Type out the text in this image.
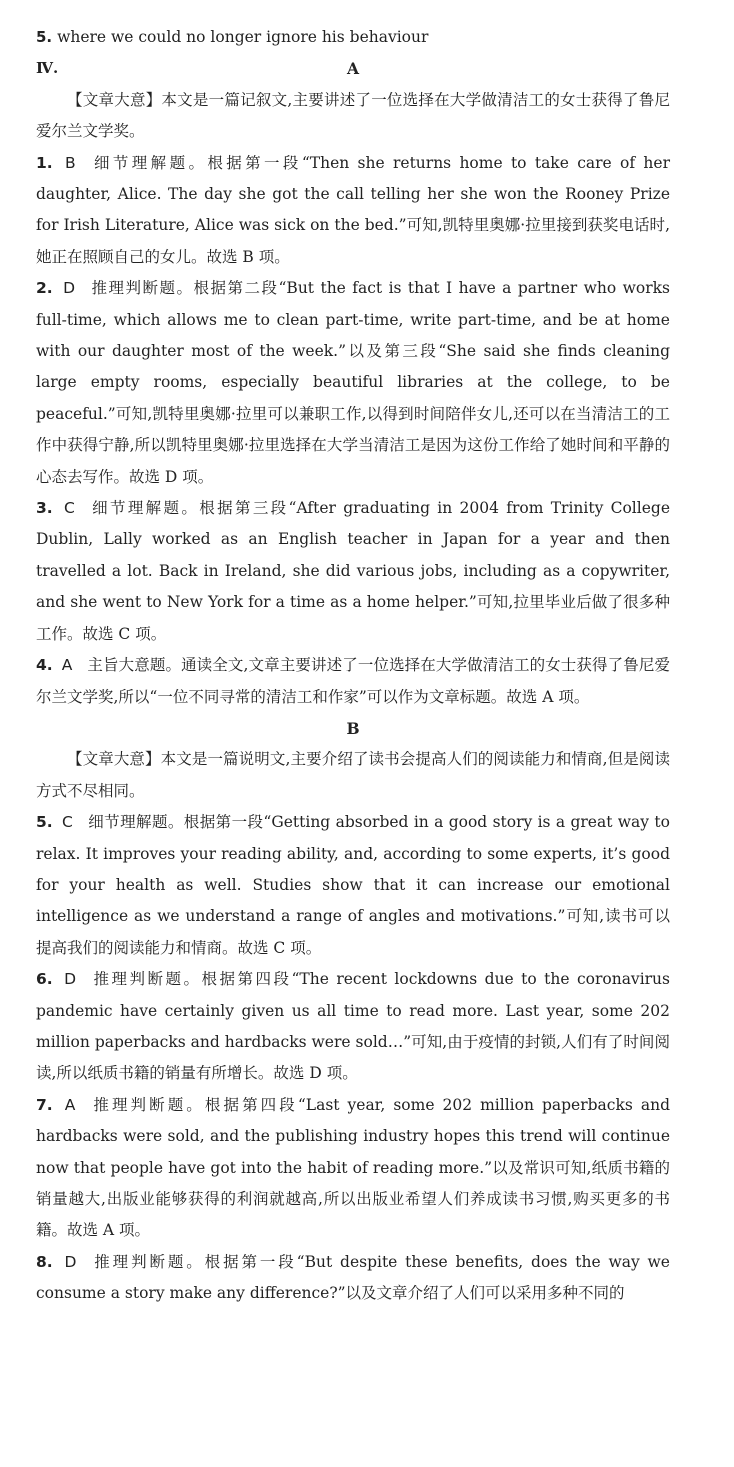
5. where we could no longer ignore his behaviour

Ⅳ.	A

【文章大意】本文是一篇记叙文,主要讲述了一位选择在大学做清洁工的女士获得了鲁尼爱尔兰文学奖。

1. B 细节理解题。根据第一段“Then she returns home to take care of her daughter, Alice. The day she got the call telling her she won the Rooney Prize for Irish Literature, Alice was sick on the bed.”可知,凯特里奥娜·拉里接到获奖电话时,她正在照顾自己的女儿。故选 B 项。

2. D 推理判断题。根据第二段“But the fact is that I have a partner who works full-time, which allows me to clean part-time, write part-time, and be at home with our daughter most of the week.”以及第三段“She said she finds cleaning large empty rooms, especially beautiful libraries at the college, to be peaceful.”可知,凯特里奥娜·拉里可以兼职工作,以得到时间陪伴女儿,还可以在当清洁工的工作中获得宁静,所以凯特里奥娜·拉里选择在大学当清洁工是因为这份工作给了她时间和平静的心态去写作。故选 D 项。

3. C 细节理解题。根据第三段“After graduating in 2004 from Trinity College Dublin, Lally worked as an English teacher in Japan for a year and then travelled a lot. Back in Ireland, she did various jobs, including as a copywriter, and she went to New York for a time as a home helper.”可知,拉里毕业后做了很多种工作。故选 C 项。

4. A 主旨大意题。通读全文,文章主要讲述了一位选择在大学做清洁工的女士获得了鲁尼爱尔兰文学奖,所以“一位不同寻常的清洁工和作家”可以作为文章标题。故选 A 项。

B

【文章大意】本文是一篇说明文,主要介绍了读书会提高人们的阅读能力和情商,但是阅读方式不尽相同。

5. C 细节理解题。根据第一段“Getting absorbed in a good story is a great way to relax. It improves your reading ability, and, according to some experts, it’s good for your health as well. Studies show that it can increase our emotional intelligence as we understand a range of angles and motivations.”可知,读书可以提高我们的阅读能力和情商。故选 C 项。

6. D 推理判断题。根据第四段“The recent lockdowns due to the coronavirus pandemic have certainly given us all time to read more. Last year, some 202 million paperbacks and hardbacks were sold…”可知,由于疫情的封锁,人们有了时间阅读,所以纸质书籍的销量有所增长。故选 D 项。

7. A 推理判断题。根据第四段“Last year, some 202 million paperbacks and hardbacks were sold, and the publishing industry hopes this trend will continue now that people have got into the habit of reading more.”以及常识可知,纸质书籍的销量越大,出版业能够获得的利润就越高,所以出版业希望人们养成读书习惯,购买更多的书籍。故选 A 项。

8. D 推理判断题。根据第一段“But despite these benefits, does the way we consume a story make any difference?”以及文章介绍了人们可以采用多种不同的
